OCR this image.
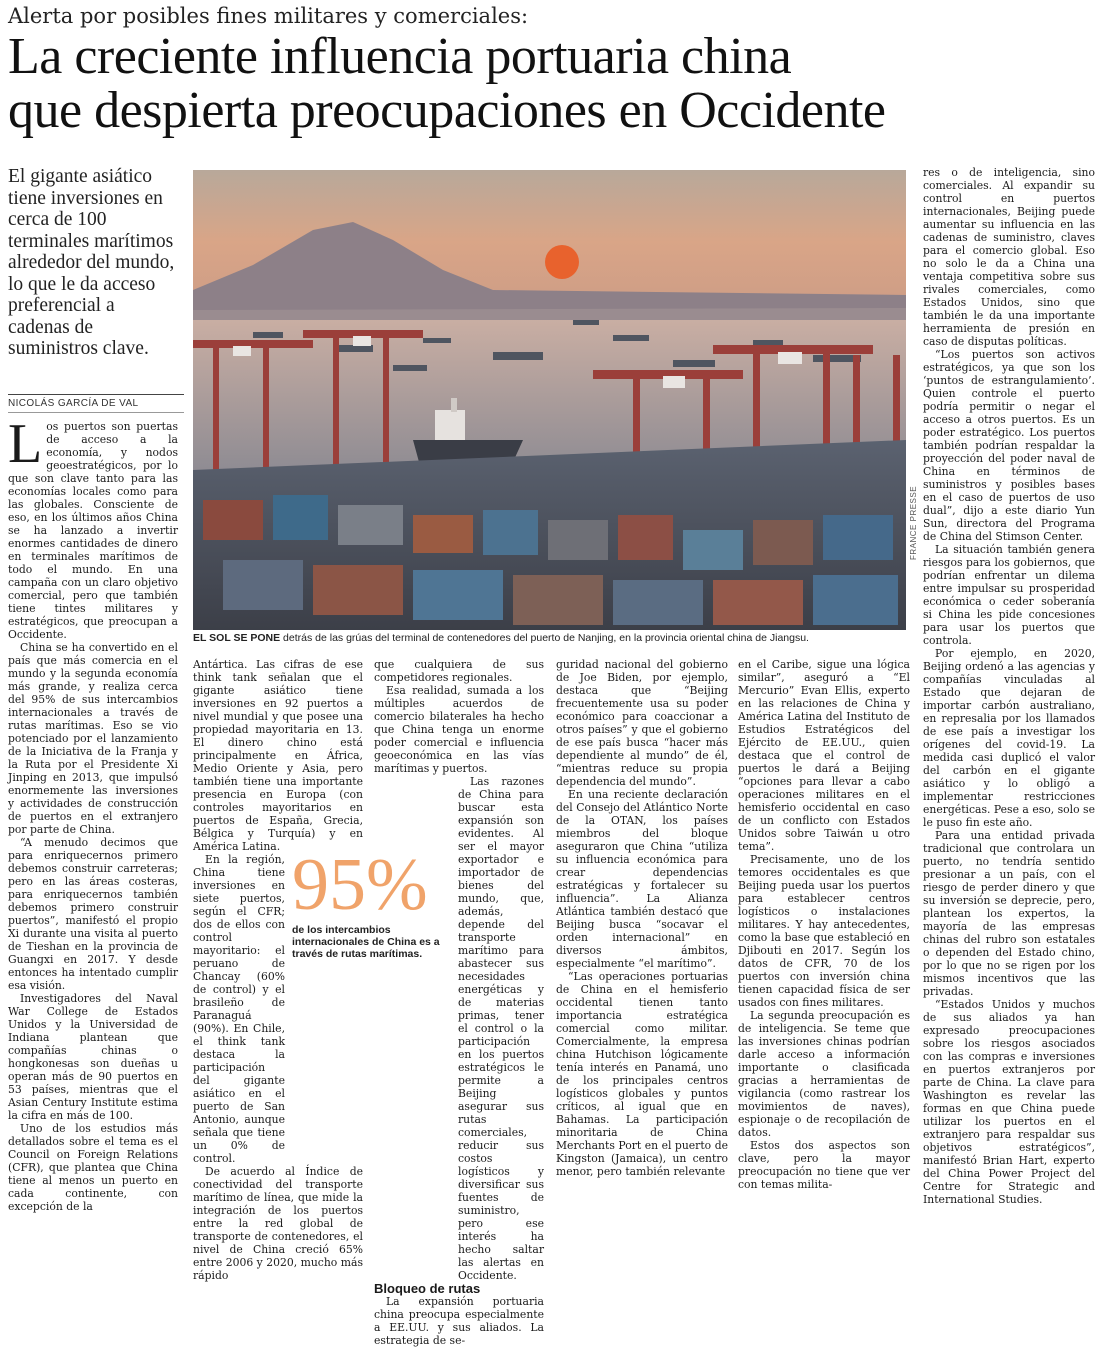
Alerta por posibles fines militares y comerciales:
La creciente influencia portuaria china
que despierta preocupaciones en Occidente
El gigante asiático tiene inversiones en cerca de 100 terminales marítimos alrededor del mundo, lo que le da acceso preferencial a cadenas de suministros clave.
NICOLÁS GARCÍA DE VAL
FRANCE PRESSE
EL SOL SE PONE detrás de las grúas del terminal de contenedores del puerto de Nanjing, en la provincia oriental china de Jiangsu.

Los puertos son puertas de acceso a la economía, y nodos geoestratégicos, por lo que son clave tanto para las economías locales como para las globales. Consciente de eso, en los últimos años China se ha lanzado a invertir enormes cantidades de dinero en terminales marítimos de todo el mundo. En una campaña con un claro objetivo comercial, pero que también tiene tintes militares y estratégicos, que preocupan a Occidente.

China se ha convertido en el país que más comercia en el mundo y la segunda economía más grande, y realiza cerca del 95% de sus intercambios internacionales a través de rutas marítimas. Eso se vio potenciado por el lanzamiento de la Iniciativa de la Franja y la Ruta por el Presidente Xi Jinping en 2013, que impulsó enormemente las inversiones y actividades de construcción de puertos en el extranjero por parte de China.

“A menudo decimos que para enriquecernos primero debemos construir carreteras; pero en las áreas costeras, para enriquecernos también debemos primero construir puertos”, manifestó el propio Xi durante una visita al puerto de Tieshan en la provincia de Guangxi en 2017. Y desde entonces ha intentado cumplir esa visión.

Investigadores del Naval War College de Estados Unidos y la Universidad de Indiana plantean que compañías chinas o hongkonesas son dueñas u operan más de 90 puertos en 53 países, mientras que el Asian Century Institute estima la cifra en más de 100.

Uno de los estudios más detallados sobre el tema es el Council on Foreign Relations (CFR), que plantea que China tiene al menos un puerto en cada continente, con excepción de la

Antártica. Las cifras de ese think tank señalan que el gigante asiático tiene inversiones en 92 puertos a nivel mundial y que posee una propiedad mayoritaria en 13. El dinero chino está principalmente en África, Medio Oriente y Asia, pero también tiene una importante presencia en Europa (con controles mayoritarios en puertos de España, Grecia, Bélgica y Turquía) y en América Latina.

En la región, China tiene inversiones en siete puertos, según el CFR; dos de ellos con control mayoritario: el peruano de Chancay (60% de control) y el brasileño de Paranaguá (90%). En Chile, el think tank destaca la participación del gigante asiático en el puerto de San Antonio, aunque señala que tiene un 0% de control.

De acuerdo al Índice de conectividad del transporte marítimo de línea, que mide la integración de los puertos entre la red global de transporte de contenedores, el nivel de China creció 65% entre 2006 y 2020, mucho más rápido

que cualquiera de sus competidores regionales.

Esa realidad, sumada a los múltiples acuerdos de comercio bilaterales ha hecho que China tenga un enorme poder comercial e influencia geoeconómica en las vías marítimas y puertos.

Las razones de China para buscar esta expansión son evidentes. Al ser el mayor exportador e importador de bienes del mundo, que, además, depende del transporte marítimo para abastecer sus necesidades energéticas y de materias primas, tener el control o la participación en los puertos estratégicos le permite a Beijing asegurar sus rutas comerciales, reducir sus costos logísticos y diversificar sus fuentes de suministro, pero ese interés ha hecho saltar las alertas en Occidente.

Bloqueo de rutas

La expansión portuaria china preocupa especialmente a EE.UU. y sus aliados. La estrategia de se-

guridad nacional del gobierno de Joe Biden, por ejemplo, destaca que “Beijing frecuentemente usa su poder económico para coaccionar a otros países” y que el gobierno de ese país busca “hacer más dependiente al mundo” de él, “mientras reduce su propia dependencia del mundo”.

En una reciente declaración del Consejo del Atlántico Norte de la OTAN, los países miembros del bloque aseguraron que China “utiliza su influencia económica para crear dependencias estratégicas y fortalecer su influencia”. La Alianza Atlántica también destacó que Beijing busca “socavar el orden internacional” en diversos ámbitos, especialmente “el marítimo”.

“Las operaciones portuarias de China en el hemisferio occidental tienen tanto importancia estratégica comercial como militar. Comercialmente, la empresa china Hutchison lógicamente tenía interés en Panamá, uno de los principales centros logísticos globales y puntos críticos, al igual que en Bahamas. La participación minoritaria de China Merchants Port en el puerto de Kingston (Jamaica), un centro menor, pero también relevante

en el Caribe, sigue una lógica similar”, aseguró a “El Mercurio” Evan Ellis, experto en las relaciones de China y América Latina del Instituto de Estudios Estratégicos del Ejército de EE.UU., quien destaca que el control de puertos le dará a Beijing “opciones para llevar a cabo operaciones militares en el hemisferio occidental en caso de un conflicto con Estados Unidos sobre Taiwán u otro tema”.

Precisamente, uno de los temores occidentales es que Beijing pueda usar los puertos para establecer centros logísticos o instalaciones militares. Y hay antecedentes, como la base que estableció en Djibouti en 2017. Según los datos de CFR, 70 de los puertos con inversión china tienen capacidad física de ser usados con fines militares.

La segunda preocupación es de inteligencia. Se teme que las inversiones chinas podrían darle acceso a información importante o clasificada gracias a herramientas de vigilancia (como rastrear los movimientos de naves), espionaje o de recopilación de datos.

Estos dos aspectos son clave, pero la mayor preocupación no tiene que ver con temas milita-

res o de inteligencia, sino comerciales. Al expandir su control en puertos internacionales, Beijing puede aumentar su influencia en las cadenas de suministro, claves para el comercio global. Eso no solo le da a China una ventaja competitiva sobre sus rivales comerciales, como Estados Unidos, sino que también le da una importante herramienta de presión en caso de disputas políticas.

“Los puertos son activos estratégicos, ya que son los ‘puntos de estrangulamiento’. Quien controle el puerto podría permitir o negar el acceso a otros puertos. Es un poder estratégico. Los puertos también podrían respaldar la proyección del poder naval de China en términos de suministros y posibles bases en el caso de puertos de uso dual”, dijo a este diario Yun Sun, directora del Programa de China del Stimson Center.

La situación también genera riesgos para los gobiernos, que podrían enfrentar un dilema entre impulsar su prosperidad económica o ceder soberanía si China les pide concesiones para usar los puertos que controla.

Por ejemplo, en 2020, Beijing ordenó a las agencias y compañías vinculadas al Estado que dejaran de importar carbón australiano, en represalia por los llamados de ese país a investigar los orígenes del covid-19. La medida casi duplicó el valor del carbón en el gigante asiático y lo obligó a implementar restricciones energéticas. Pese a eso, solo se le puso fin este año.

Para una entidad privada tradicional que controlara un puerto, no tendría sentido presionar a un país, con el riesgo de perder dinero y que su inversión se deprecie, pero, plantean los expertos, la mayoría de las empresas chinas del rubro son estatales o dependen del Estado chino, por lo que no se rigen por los mismos incentivos que las privadas.

“Estados Unidos y muchos de sus aliados ya han expresado preocupaciones sobre los riesgos asociados con las compras e inversiones en puertos extranjeros por parte de China. La clave para Washington es revelar las formas en que China puede utilizar los puertos en el extranjero para respaldar sus objetivos estratégicos”, manifestó Brian Hart, experto del China Power Project del Centre for Strategic and International Studies.

95%
de los intercambios internacionales de China es a través de rutas marítimas.
